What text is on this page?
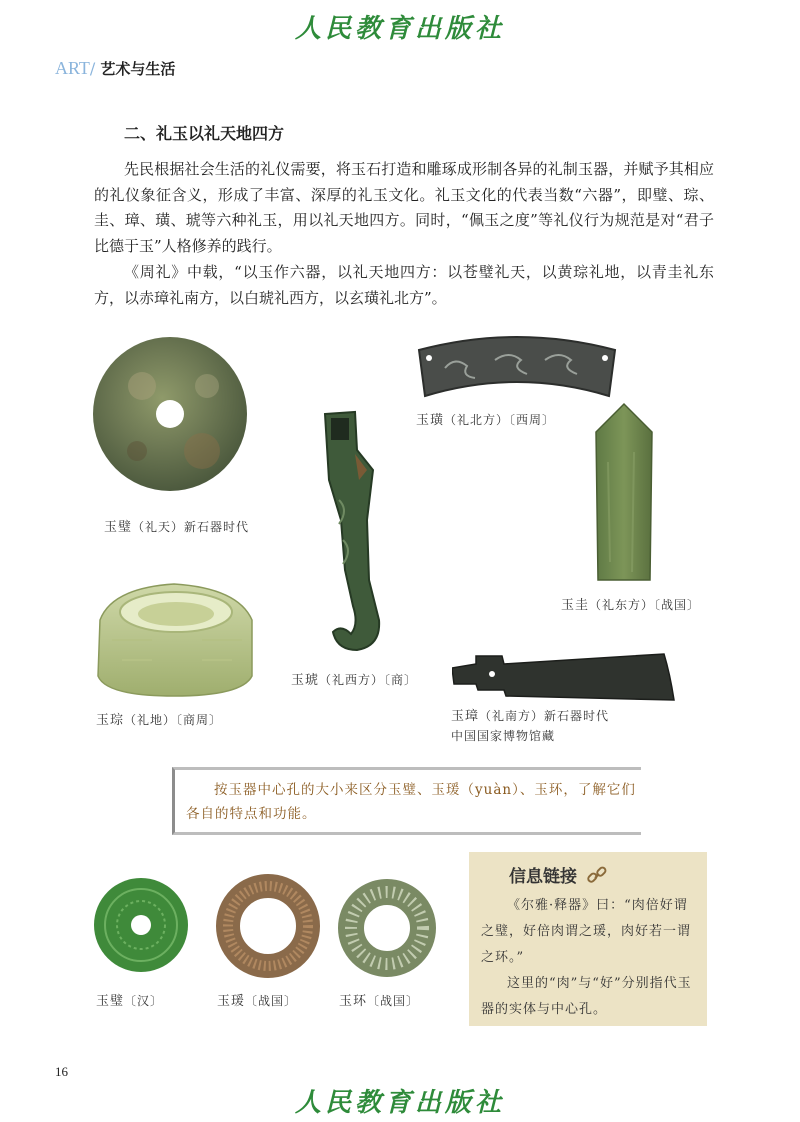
人民教育出版社
ART/ 艺术与生活
二、礼玉以礼天地四方
先民根据社会生活的礼仪需要，将玉石打造和雕琢成形制各异的礼制玉器，并赋予其相应的礼仪象征含义，形成了丰富、深厚的礼玉文化。礼玉文化的代表当数“六器”，即璧、琮、圭、璋、璜、琥等六种礼玉，用以礼天地四方。同时，“佩玉之度”等礼仪行为规范是对“君子比德于玉”人格修养的践行。
《周礼》中载，“以玉作六器，以礼天地四方：以苍璧礼天，以黄琮礼地，以青圭礼东方，以赤璋礼南方，以白琥礼西方，以玄璜礼北方”。
玉璧（礼天）新石器时代
玉璜（礼北方）〔西周〕
玉圭（礼东方）〔战国〕
玉琮（礼地）〔商周〕
玉琥（礼西方）〔商〕
玉璋（礼南方）新石器时代
中国国家博物馆藏
玉璧〔汉〕	玉瑗〔战国〕	玉环〔战国〕
按玉器中心孔的大小来区分玉璧、玉瑗（yuàn）、玉环，了解它们各自的特点和功能。
信息链接
《尔雅·释器》曰：“肉倍好谓之璧，好倍肉谓之瑗，肉好若一谓之环。”
这里的“肉”与“好”分别指代玉器的实体与中心孔。
16
人民教育出版社
